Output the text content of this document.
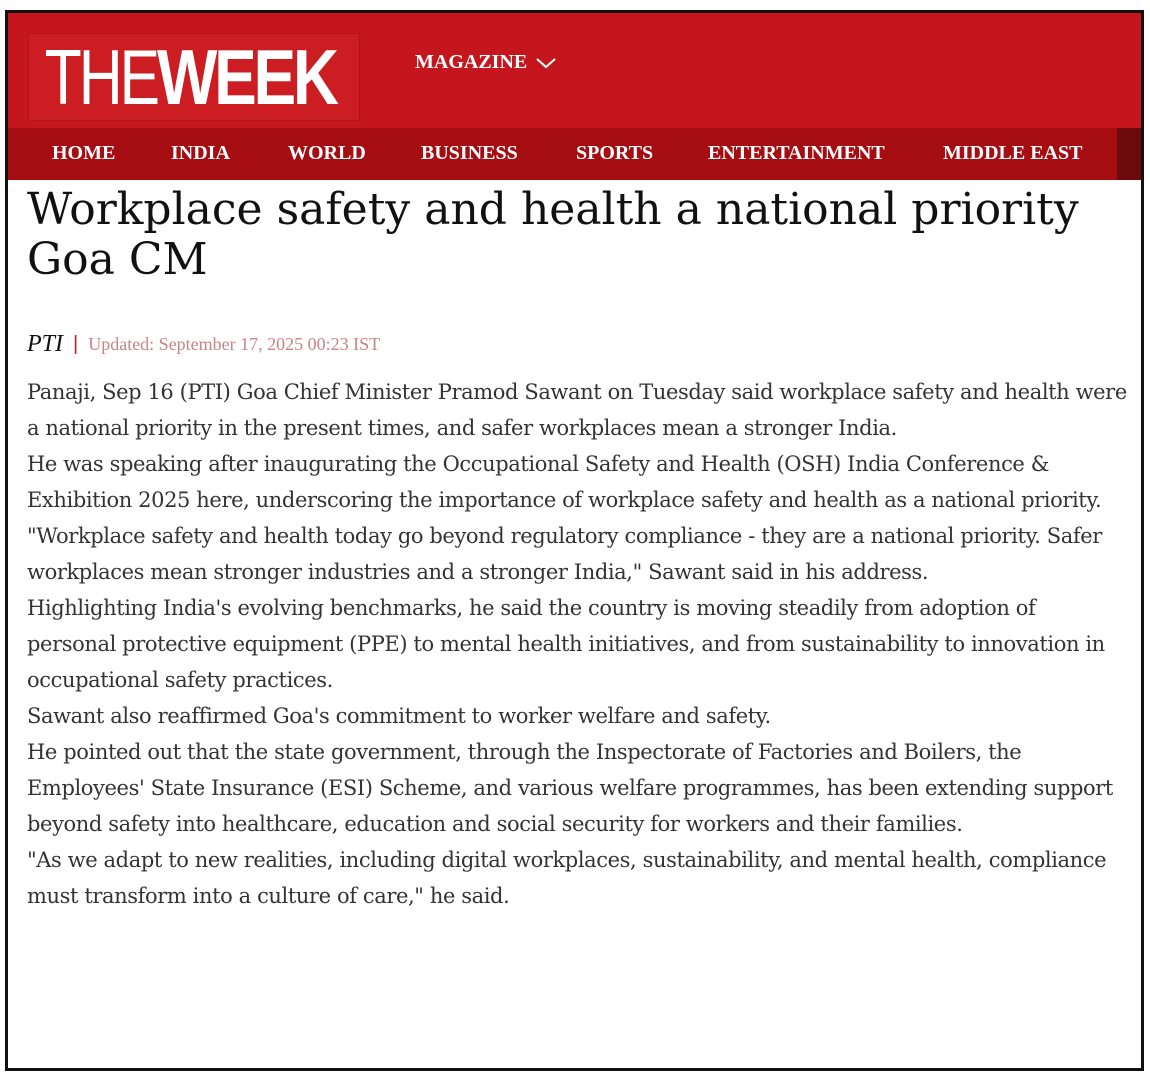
THE WEEK	MAGAZINE
HOME	INDIA	WORLD	BUSINESS	SPORTS	ENTERTAINMENT	MIDDLE EAST
Workplace safety and health a national priority Goa CM
PTI | Updated: September 17, 2025 00:23 IST

Panaji, Sep 16 (PTI) Goa Chief Minister Pramod Sawant on Tuesday said workplace safety and health were a national priority in the present times, and safer workplaces mean a stronger India.

He was speaking after inaugurating the Occupational Safety and Health (OSH) India Conference & Exhibition 2025 here, underscoring the importance of workplace safety and health as a national priority.

"Workplace safety and health today go beyond regulatory compliance - they are a national priority. Safer workplaces mean stronger industries and a stronger India," Sawant said in his address.

Highlighting India's evolving benchmarks, he said the country is moving steadily from adoption of personal protective equipment (PPE) to mental health initiatives, and from sustainability to innovation in occupational safety practices.

Sawant also reaffirmed Goa's commitment to worker welfare and safety.

He pointed out that the state government, through the Inspectorate of Factories and Boilers, the Employees' State Insurance (ESI) Scheme, and various welfare programmes, has been extending support beyond safety into healthcare, education and social security for workers and their families.

"As we adapt to new realities, including digital workplaces, sustainability, and mental health, compliance must transform into a culture of care," he said.
